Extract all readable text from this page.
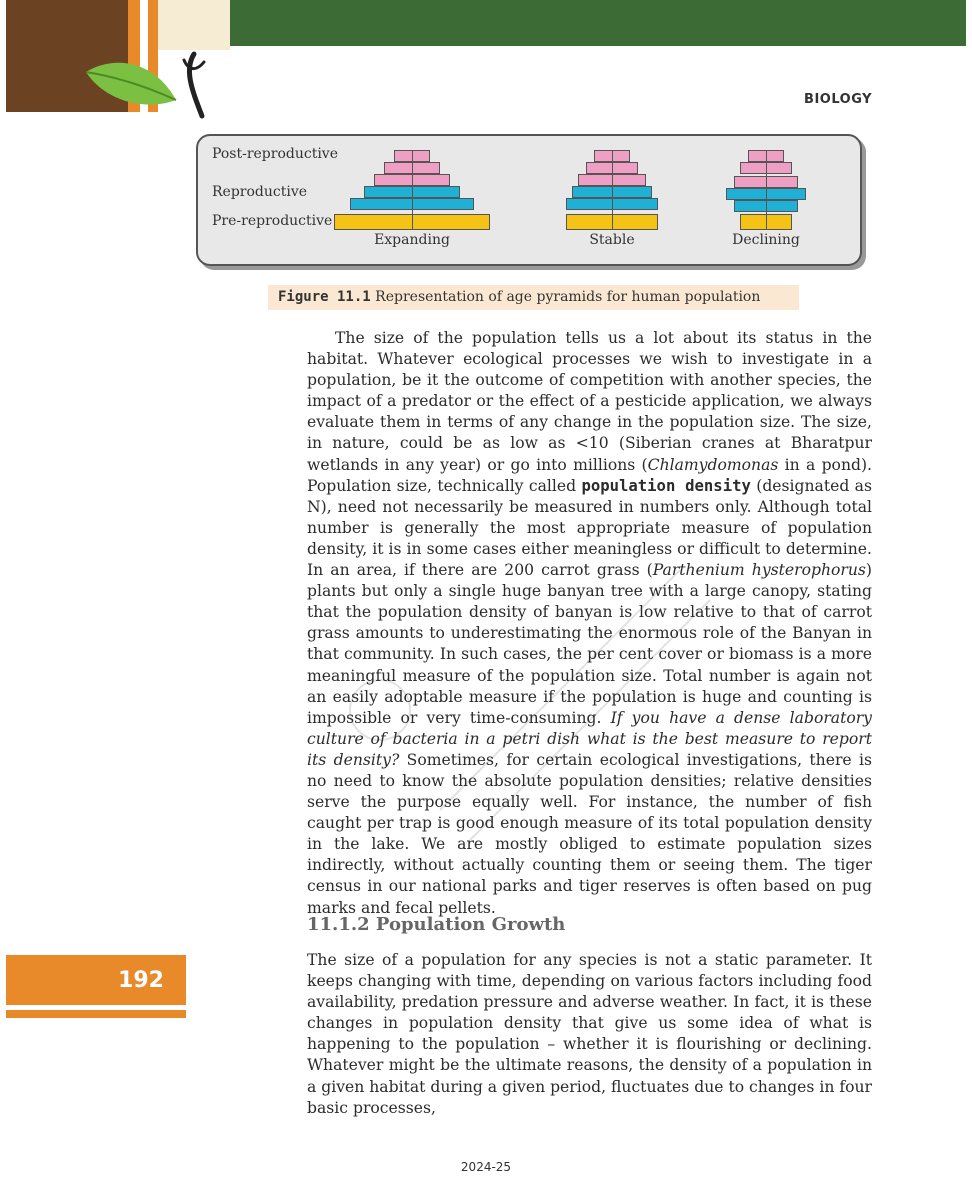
BIOLOGY
Post-reproductive
Reproductive
Pre-reproductive
Expanding	Stable	Declining
Figure 11.1 Representation of age pyramids for human population

The size of the population tells us a lot about its status in the habitat. Whatever ecological processes we wish to investigate in a population, be it the outcome of competition with another species, the impact of a predator or the effect of a pesticide application, we always evaluate them in terms of any change in the population size. The size, in nature, could be as low as <10 (Siberian cranes at Bharatpur wetlands in any year) or go into millions (Chlamydomonas in a pond). Population size, technically called population density (designated as N), need not necessarily be measured in numbers only. Although total number is generally the most appropriate measure of population density, it is in some cases either meaningless or difficult to determine. In an area, if there are 200 carrot grass (Parthenium hysterophorus) plants but only a single huge banyan tree with a large canopy, stating that the population density of banyan is low relative to that of carrot grass amounts to underestimating the enormous role of the Banyan in that community. In such cases, the per cent cover or biomass is a more meaningful measure of the population size. Total number is again not an easily adoptable measure if the population is huge and counting is impossible or very time-consuming. If you have a dense laboratory culture of bacteria in a petri dish what is the best measure to report its density? Sometimes, for certain ecological investigations, there is no need to know the absolute population densities; relative densities serve the purpose equally well. For instance, the number of fish caught per trap is good enough measure of its total population density in the lake. We are mostly obliged to estimate population sizes indirectly, without actually counting them or seeing them. The tiger census in our national parks and tiger reserves is often based on pug marks and fecal pellets.

11.1.2 Population Growth

The size of a population for any species is not a static parameter. It keeps changing with time, depending on various factors including food availability, predation pressure and adverse weather. In fact, it is these changes in population density that give us some idea of what is happening to the population – whether it is flourishing or declining. Whatever might be the ultimate reasons, the density of a population in a given habitat during a given period, fluctuates due to changes in four basic processes,

192
2024-25
